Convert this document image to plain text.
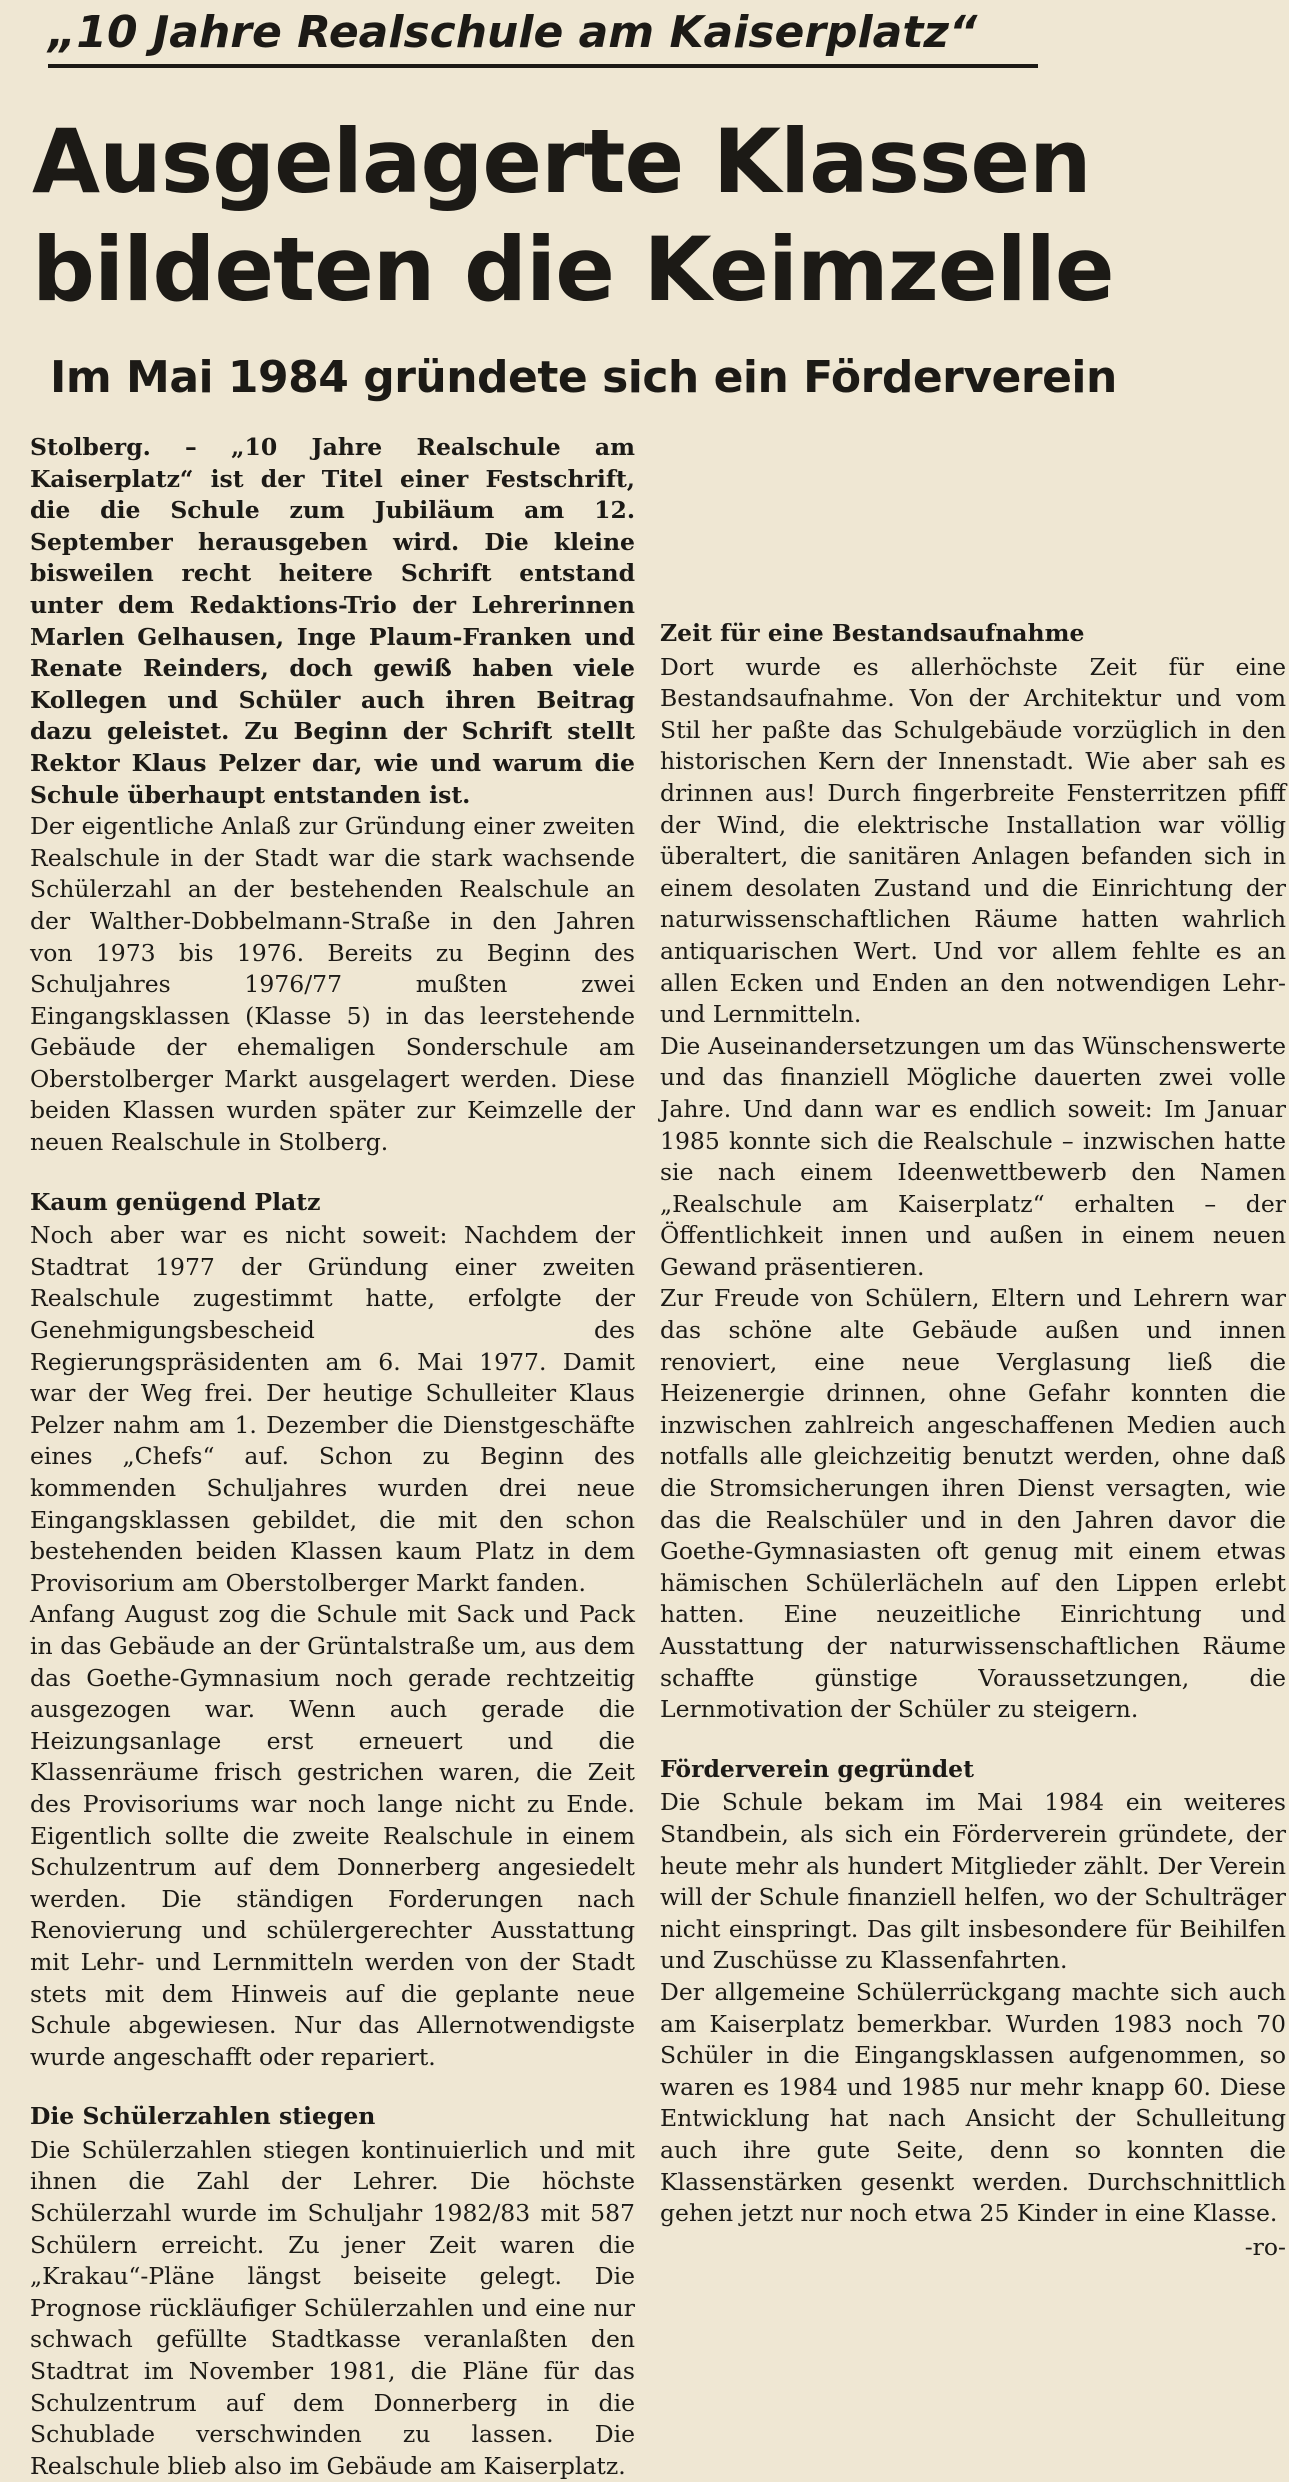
„10 Jahre Realschule am Kaiserplatz“
Ausgelagerte Klassen
bildeten die Keimzelle
Im Mai 1984 gründete sich ein Förderverein

Stolberg. – „10 Jahre Realschule am Kaiserplatz“ ist der Titel einer Festschrift, die die Schule zum Jubiläum am 12. September herausgeben wird. Die kleine bisweilen recht heitere Schrift entstand unter dem Redaktions-Trio der Lehrerinnen Marlen Gelhausen, Inge Plaum-Franken und Renate Reinders, doch gewiß haben viele Kollegen und Schüler auch ihren Beitrag dazu geleistet. Zu Beginn der Schrift stellt Rektor Klaus Pelzer dar, wie und warum die Schule überhaupt entstanden ist.

Der eigentliche Anlaß zur Gründung einer zweiten Realschule in der Stadt war die stark wachsende Schülerzahl an der bestehenden Realschule an der Walther-Dobbelmann-Straße in den Jahren von 1973 bis 1976. Bereits zu Beginn des Schuljahres 1976/77 mußten zwei Eingangsklassen (Klasse 5) in das leerstehende Gebäude der ehemaligen Sonderschule am Oberstolberger Markt ausgelagert werden. Diese beiden Klassen wurden später zur Keimzelle der neuen Realschule in Stolberg.

Kaum genügend Platz

Noch aber war es nicht soweit: Nachdem der Stadtrat 1977 der Gründung einer zweiten Realschule zugestimmt hatte, erfolgte der Genehmigungsbescheid des Regierungspräsidenten am 6. Mai 1977. Damit war der Weg frei. Der heutige Schulleiter Klaus Pelzer nahm am 1. Dezember die Dienstgeschäfte eines „Chefs“ auf. Schon zu Beginn des kommenden Schuljahres wurden drei neue Eingangsklassen gebildet, die mit den schon bestehenden beiden Klassen kaum Platz in dem Provisorium am Oberstolberger Markt fanden.

Anfang August zog die Schule mit Sack und Pack in das Gebäude an der Grüntalstraße um, aus dem das Goethe-Gymnasium noch gerade rechtzeitig ausgezogen war. Wenn auch gerade die Heizungsanlage erst erneuert und die Klassenräume frisch gestrichen waren, die Zeit des Provisoriums war noch lange nicht zu Ende. Eigentlich sollte die zweite Realschule in einem Schulzentrum auf dem Donnerberg angesiedelt werden. Die ständigen Forderungen nach Renovierung und schülergerechter Ausstattung mit Lehr- und Lernmitteln werden von der Stadt stets mit dem Hinweis auf die geplante neue Schule abgewiesen. Nur das Allernotwendigste wurde angeschafft oder repariert.

Die Schülerzahlen stiegen

Die Schülerzahlen stiegen kontinuierlich und mit ihnen die Zahl der Lehrer. Die höchste Schülerzahl wurde im Schuljahr 1982/83 mit 587 Schülern erreicht. Zu jener Zeit waren die „Krakau“-Pläne längst beiseite gelegt. Die Prognose rückläufiger Schülerzahlen und eine nur schwach gefüllte Stadtkasse veranlaßten den Stadtrat im November 1981, die Pläne für das Schulzentrum auf dem Donnerberg in die Schublade verschwinden zu lassen. Die Realschule blieb also im Gebäude am Kaiserplatz.

Zeit für eine Bestandsaufnahme

Dort wurde es allerhöchste Zeit für eine Bestandsaufnahme. Von der Architektur und vom Stil her paßte das Schulgebäude vorzüglich in den historischen Kern der Innenstadt. Wie aber sah es drinnen aus! Durch fingerbreite Fensterritzen pfiff der Wind, die elektrische Installation war völlig überaltert, die sanitären Anlagen befanden sich in einem desolaten Zustand und die Einrichtung der naturwissenschaftlichen Räume hatten wahrlich antiquarischen Wert. Und vor allem fehlte es an allen Ecken und Enden an den notwendigen Lehr- und Lernmitteln.

Die Auseinandersetzungen um das Wünschenswerte und das finanziell Mögliche dauerten zwei volle Jahre. Und dann war es endlich soweit: Im Januar 1985 konnte sich die Realschule – inzwischen hatte sie nach einem Ideenwettbewerb den Namen „Realschule am Kaiserplatz“ erhalten – der Öffentlichkeit innen und außen in einem neuen Gewand präsentieren.

Zur Freude von Schülern, Eltern und Lehrern war das schöne alte Gebäude außen und innen renoviert, eine neue Verglasung ließ die Heizenergie drinnen, ohne Gefahr konnten die inzwischen zahlreich angeschaffenen Medien auch notfalls alle gleichzeitig benutzt werden, ohne daß die Stromsicherungen ihren Dienst versagten, wie das die Realschüler und in den Jahren davor die Goethe-Gymnasiasten oft genug mit einem etwas hämischen Schülerlächeln auf den Lippen erlebt hatten. Eine neuzeitliche Einrichtung und Ausstattung der naturwissenschaftlichen Räume schaffte günstige Voraussetzungen, die Lernmotivation der Schüler zu steigern.

Förderverein gegründet

Die Schule bekam im Mai 1984 ein weiteres Standbein, als sich ein Förderverein gründete, der heute mehr als hundert Mitglieder zählt. Der Verein will der Schule finanziell helfen, wo der Schulträger nicht einspringt. Das gilt insbesondere für Beihilfen und Zuschüsse zu Klassenfahrten.

Der allgemeine Schülerrückgang machte sich auch am Kaiserplatz bemerkbar. Wurden 1983 noch 70 Schüler in die Eingangsklassen aufgenommen, so waren es 1984 und 1985 nur mehr knapp 60. Diese Entwicklung hat nach Ansicht der Schulleitung auch ihre gute Seite, denn so konnten die Klassenstärken gesenkt werden. Durchschnittlich gehen jetzt nur noch etwa 25 Kinder in eine Klasse.

-ro-
